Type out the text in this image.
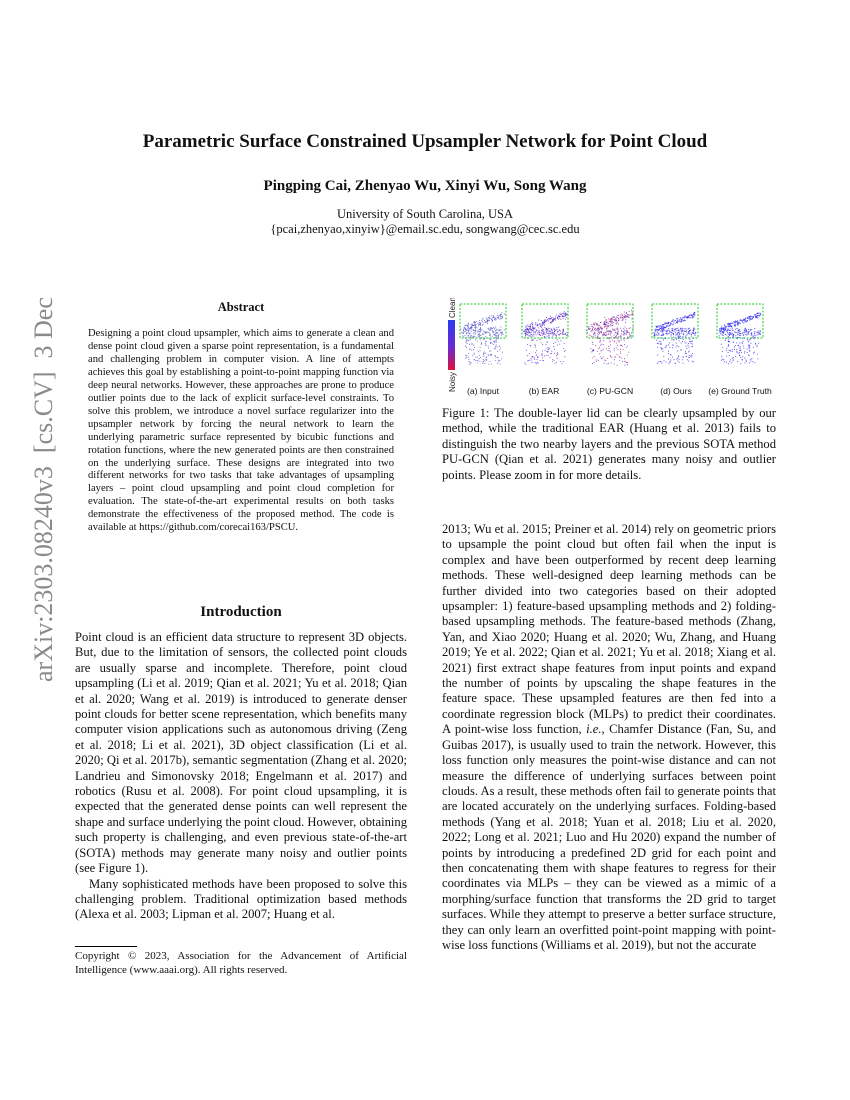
arXiv:2303.08240v3  [cs.CV]  3 Dec 2023
Parametric Surface Constrained Upsampler Network for Point Cloud
Pingping Cai, Zhenyao Wu, Xinyi Wu, Song Wang
University of South Carolina, USA
{pcai,zhenyao,xinyiw}@email.sc.edu, songwang@cec.sc.edu
Abstract
Designing a point cloud upsampler, which aims to generate a clean and dense point cloud given a sparse point representation, is a fundamental and challenging problem in computer vision. A line of attempts achieves this goal by establishing a point-to-point mapping function via deep neural networks. However, these approaches are prone to produce outlier points due to the lack of explicit surface-level constraints. To solve this problem, we introduce a novel surface regularizer into the upsampler network by forcing the neural network to learn the underlying parametric surface represented by bicubic functions and rotation functions, where the new generated points are then constrained on the underlying surface. These designs are integrated into two different networks for two tasks that take advantages of upsampling layers – point cloud upsampling and point cloud completion for evaluation. The state-of-the-art experimental results on both tasks demonstrate the effectiveness of the proposed method. The code is available at https://github.com/corecai163/PSCU.
Introduction

Point cloud is an efficient data structure to represent 3D objects. But, due to the limitation of sensors, the collected point clouds are usually sparse and incomplete. Therefore, point cloud upsampling (Li et al. 2019; Qian et al. 2021; Yu et al. 2018; Qian et al. 2020; Wang et al. 2019) is introduced to generate denser point clouds for better scene representation, which benefits many computer vision applications such as autonomous driving (Zeng et al. 2018; Li et al. 2021), 3D object classification (Li et al. 2020; Qi et al. 2017b), semantic segmentation (Zhang et al. 2020; Landrieu and Simonovsky 2018; Engelmann et al. 2017) and robotics (Rusu et al. 2008). For point cloud upsampling, it is expected that the generated dense points can well represent the shape and surface underlying the point cloud. However, obtaining such property is challenging, and even previous state-of-the-art (SOTA) methods may generate many noisy and outlier points (see Figure 1).

Many sophisticated methods have been proposed to solve this challenging problem. Traditional optimization based methods (Alexa et al. 2003; Lipman et al. 2007; Huang et al.

Copyright © 2023, Association for the Advancement of Artificial Intelligence (www.aaai.org). All rights reserved.
Clean
Noisy (a) Input	(b) EAR	(c) PU-GCN	(d) Ours (e) Ground Truth
Figure 1: The double-layer lid can be clearly upsampled by our method, while the traditional EAR (Huang et al. 2013) fails to distinguish the two nearby layers and the previous SOTA method PU-GCN (Qian et al. 2021) generates many noisy and outlier points. Please zoom in for more details.

2013; Wu et al. 2015; Preiner et al. 2014) rely on geometric priors to upsample the point cloud but often fail when the input is complex and have been outperformed by recent deep learning methods. These well-designed deep learning methods can be further divided into two categories based on their adopted upsampler: 1) feature-based upsampling methods and 2) folding-based upsampling methods. The feature-based methods (Zhang, Yan, and Xiao 2020; Huang et al. 2020; Wu, Zhang, and Huang 2019; Ye et al. 2022; Qian et al. 2021; Yu et al. 2018; Xiang et al. 2021) first extract shape features from input points and expand the number of points by upscaling the shape features in the feature space. These upsampled features are then fed into a coordinate regression block (MLPs) to predict their coordinates. A point-wise loss function, i.e., Chamfer Distance (Fan, Su, and Guibas 2017), is usually used to train the network. However, this loss function only measures the point-wise distance and can not measure the difference of underlying surfaces between point clouds. As a result, these methods often fail to generate points that are located accurately on the underlying surfaces. Folding-based methods (Yang et al. 2018; Yuan et al. 2018; Liu et al. 2020, 2022; Long et al. 2021; Luo and Hu 2020) expand the number of points by introducing a predefined 2D grid for each point and then concatenating them with shape features to regress for their coordinates via MLPs – they can be viewed as a mimic of a morphing/surface function that transforms the 2D grid to target surfaces. While they attempt to preserve a better surface structure, they can only learn an overfitted point-point mapping with point-wise loss functions (Williams et al. 2019), but not the accurate
